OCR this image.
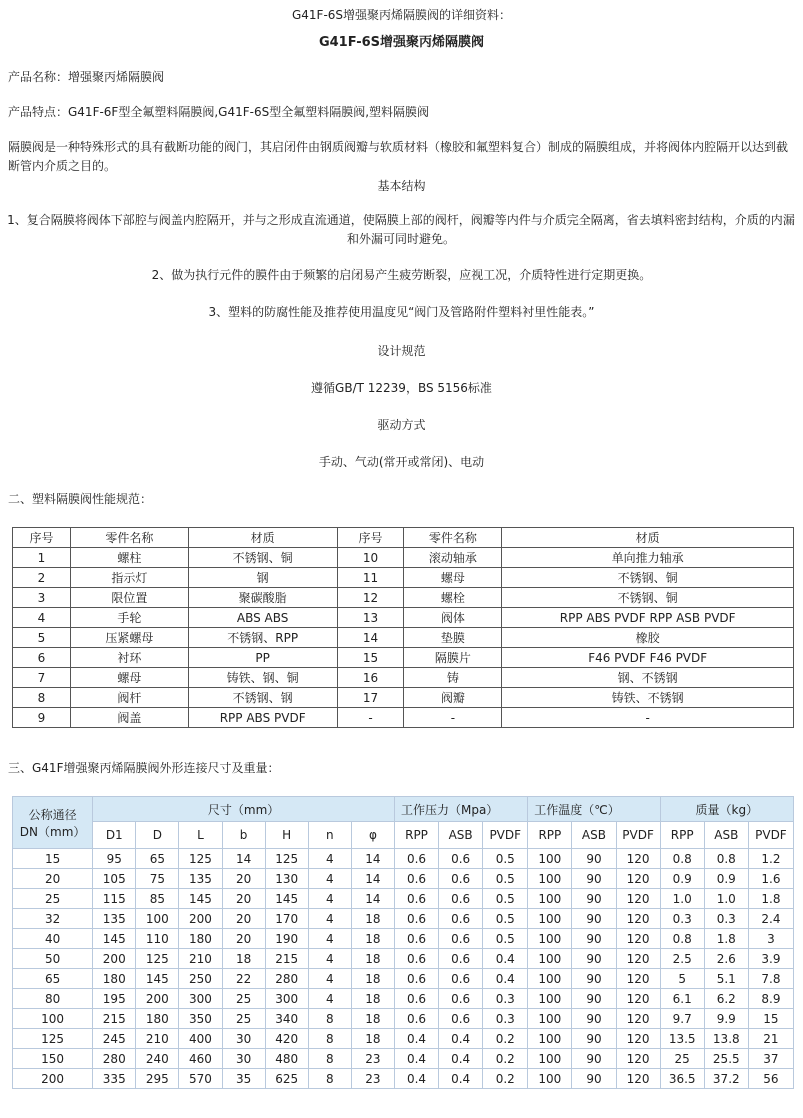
G41F-6S增强聚丙烯隔膜阀的详细资料：
G41F-6S增强聚丙烯隔膜阀
产品名称：增强聚丙烯隔膜阀
产品特点：G41F-6F型全氟塑料隔膜阀,G41F-6S型全氟塑料隔膜阀,塑料隔膜阀
隔膜阀是一种特殊形式的具有截断功能的阀门，其启闭件由钢质阀瓣与软质材料（橡胶和氟塑料复合）制成的隔膜组成，并将阀体内腔隔开以达到截断管内介质之目的。
基本结构
1、复合隔膜将阀体下部腔与阀盖内腔隔开，并与之形成直流通道，使隔膜上部的阀杆，阀瓣等内件与介质完全隔离，省去填料密封结构，介质的内漏和外漏可同时避免。
2、做为执行元件的膜件由于频繁的启闭易产生疲劳断裂，应视工况，介质特性进行定期更换。
3、塑料的防腐性能及推荐使用温度见“阀门及管路附件塑料衬里性能表。”
设计规范
遵循GB/T 12239，BS 5156标准
驱动方式
手动、气动(常开或常闭)、电动
二、塑料隔膜阀性能规范：
序号	零件名称	材质	序号	零件名称	材质
1	螺柱	不锈钢、铜	10	滚动轴承	单向推力轴承
2	指示灯	钢	11	螺母	不锈钢、铜
3	限位置	聚碳酸脂	12	螺栓	不锈钢、铜
4	手轮	ABS ABS	13	阀体	RPP ABS PVDF RPP ASB PVDF
5	压紧螺母	不锈钢、RPP	14	垫膜	橡胶
6	衬环	PP	15	隔膜片	F46 PVDF F46 PVDF
7	螺母	铸铁、钢、铜	16	铸	钢、不锈钢
8	阀杆	不锈钢、钢	17	阀瓣	铸铁、不锈钢
9	阀盖	RPP ABS PVDF	-	-	-
三、G41F增强聚丙烯隔膜阀外形连接尺寸及重量：
公称通径
DN（mm）	尺寸（mm）							工作压力（Mpa）			工作温度（℃）			质量（kg）		
	D1	D	L	b	H	n	φ	RPP	ASB	PVDF	RPP	ASB	PVDF	RPP	ASB	PVDF
15	95	65	125	14	125	4	14	0.6	0.6	0.5	100	90	120	0.8	0.8	1.2
20	105	75	135	20	130	4	14	0.6	0.6	0.5	100	90	120	0.9	0.9	1.6
25	115	85	145	20	145	4	14	0.6	0.6	0.5	100	90	120	1.0	1.0	1.8
32	135	100	200	20	170	4	18	0.6	0.6	0.5	100	90	120	0.3	0.3	2.4
40	145	110	180	20	190	4	18	0.6	0.6	0.5	100	90	120	0.8	1.8	3
50	200	125	210	18	215	4	18	0.6	0.6	0.4	100	90	120	2.5	2.6	3.9
65	180	145	250	22	280	4	18	0.6	0.6	0.4	100	90	120	5	5.1	7.8
80	195	200	300	25	300	4	18	0.6	0.6	0.3	100	90	120	6.1	6.2	8.9
100	215	180	350	25	340	8	18	0.6	0.6	0.3	100	90	120	9.7	9.9	15
125	245	210	400	30	420	8	18	0.4	0.4	0.2	100	90	120	13.5	13.8	21
150	280	240	460	30	480	8	23	0.4	0.4	0.2	100	90	120	25	25.5	37
200	335	295	570	35	625	8	23	0.4	0.4	0.2	100	90	120	36.5	37.2	56
